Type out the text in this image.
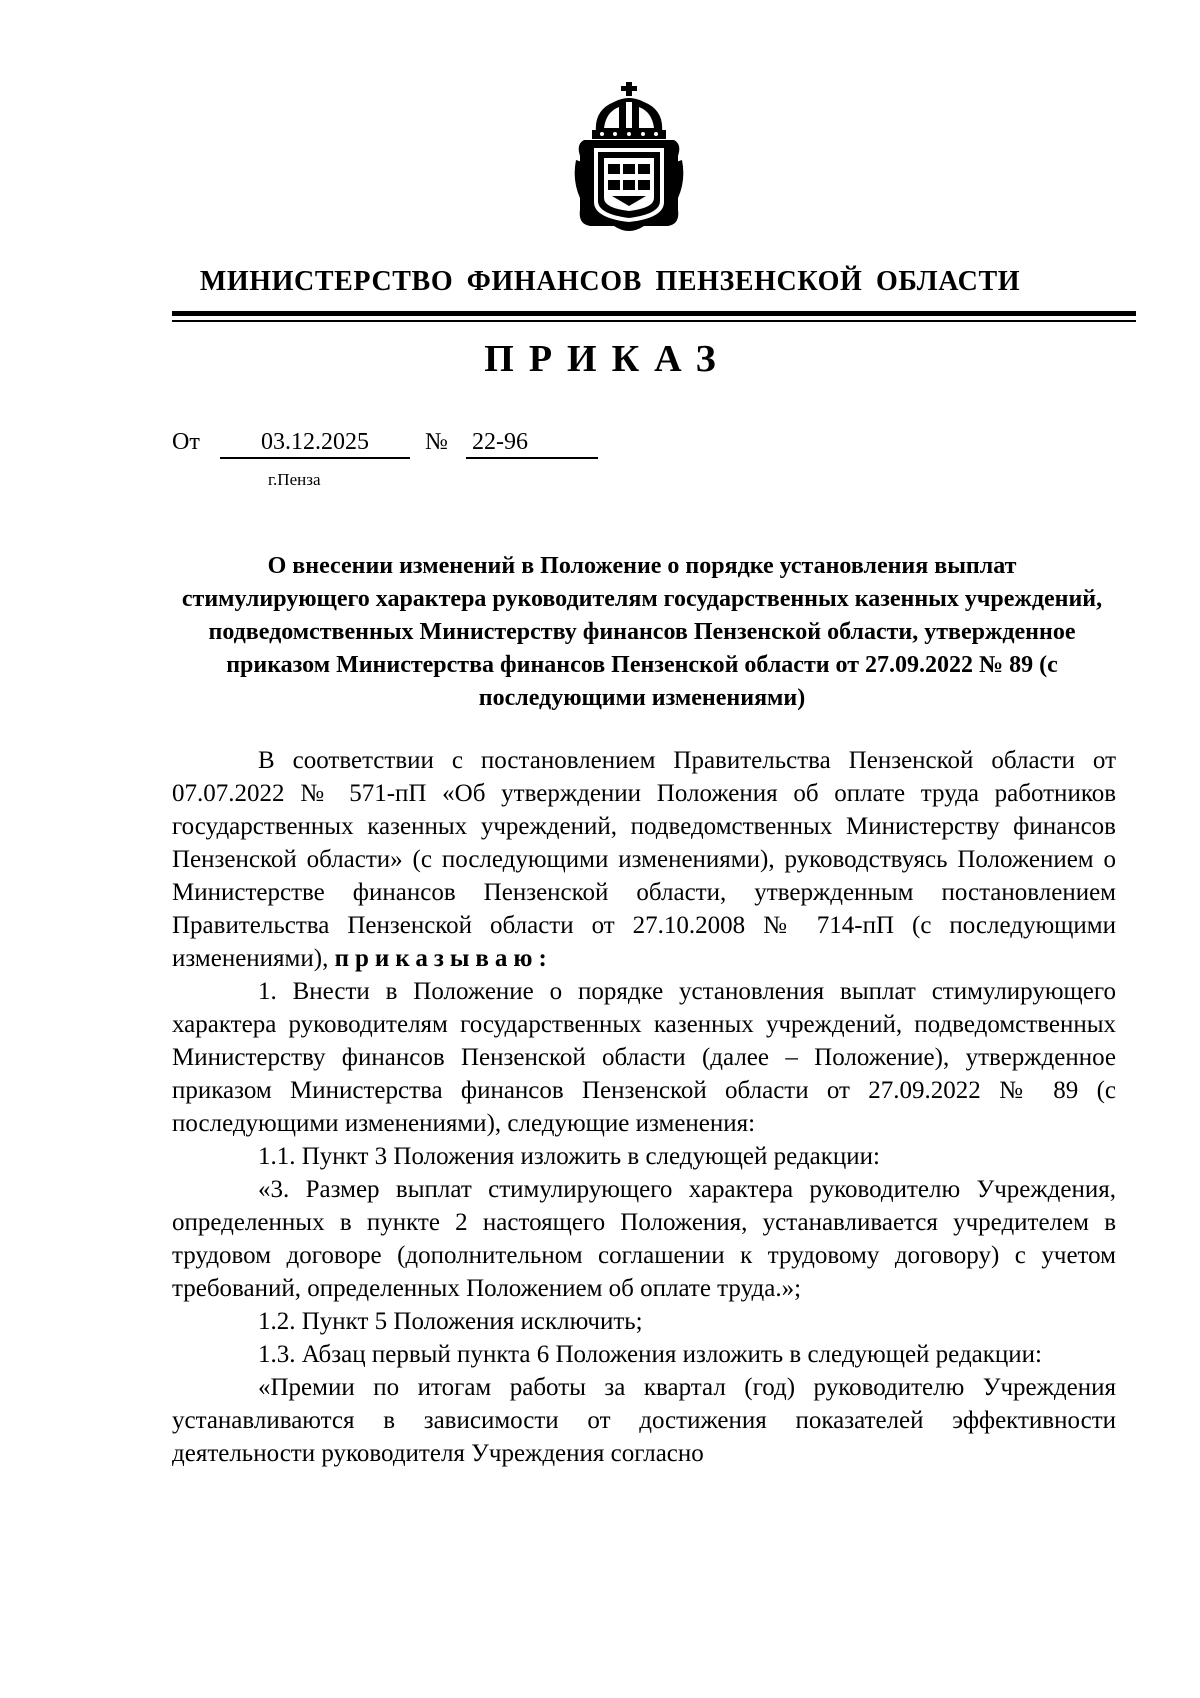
МИНИСТЕРСТВО ФИНАНСОВ ПЕНЗЕНСКОЙ ОБЛАСТИ
ПРИКАЗ
От	03.12.2025	№ 22-96
г.Пенза
О внесении изменений в Положение о порядке установления выплат стимулирующего характера руководителям государственных казенных учреждений, подведомственных Министерству финансов Пензенской области, утвержденное приказом Министерства финансов Пензенской области от 27.09.2022 № 89 (с последующими изменениями)

В соответствии с постановлением Правительства Пензенской области от 07.07.2022 № 571-пП «Об утверждении Положения об оплате труда работников государственных казенных учреждений, подведомственных Министерству финансов Пензенской области» (с последующими изменениями), руководствуясь Положением о Министерстве финансов Пензенской области, утвержденным постановлением Правительства Пензенской области от 27.10.2008 № 714-пП (с последующими изменениями), приказываю:

1. Внести в Положение о порядке установления выплат стимулирующего характера руководителям государственных казенных учреждений, подведомственных Министерству финансов Пензенской области (далее – Положение), утвержденное приказом Министерства финансов Пензенской области от 27.09.2022 № 89 (с последующими изменениями), следующие изменения:

1.1. Пункт 3 Положения изложить в следующей редакции:

«3. Размер выплат стимулирующего характера руководителю Учреждения, определенных в пункте 2 настоящего Положения, устанавливается учредителем в трудовом договоре (дополнительном соглашении к трудовому договору) с учетом требований, определенных Положением об оплате труда.»;

1.2. Пункт 5 Положения исключить;

1.3. Абзац первый пункта 6 Положения изложить в следующей редакции:

«Премии по итогам работы за квартал (год) руководителю Учреждения устанавливаются в зависимости от достижения показателей эффективности деятельности руководителя Учреждения согласно
